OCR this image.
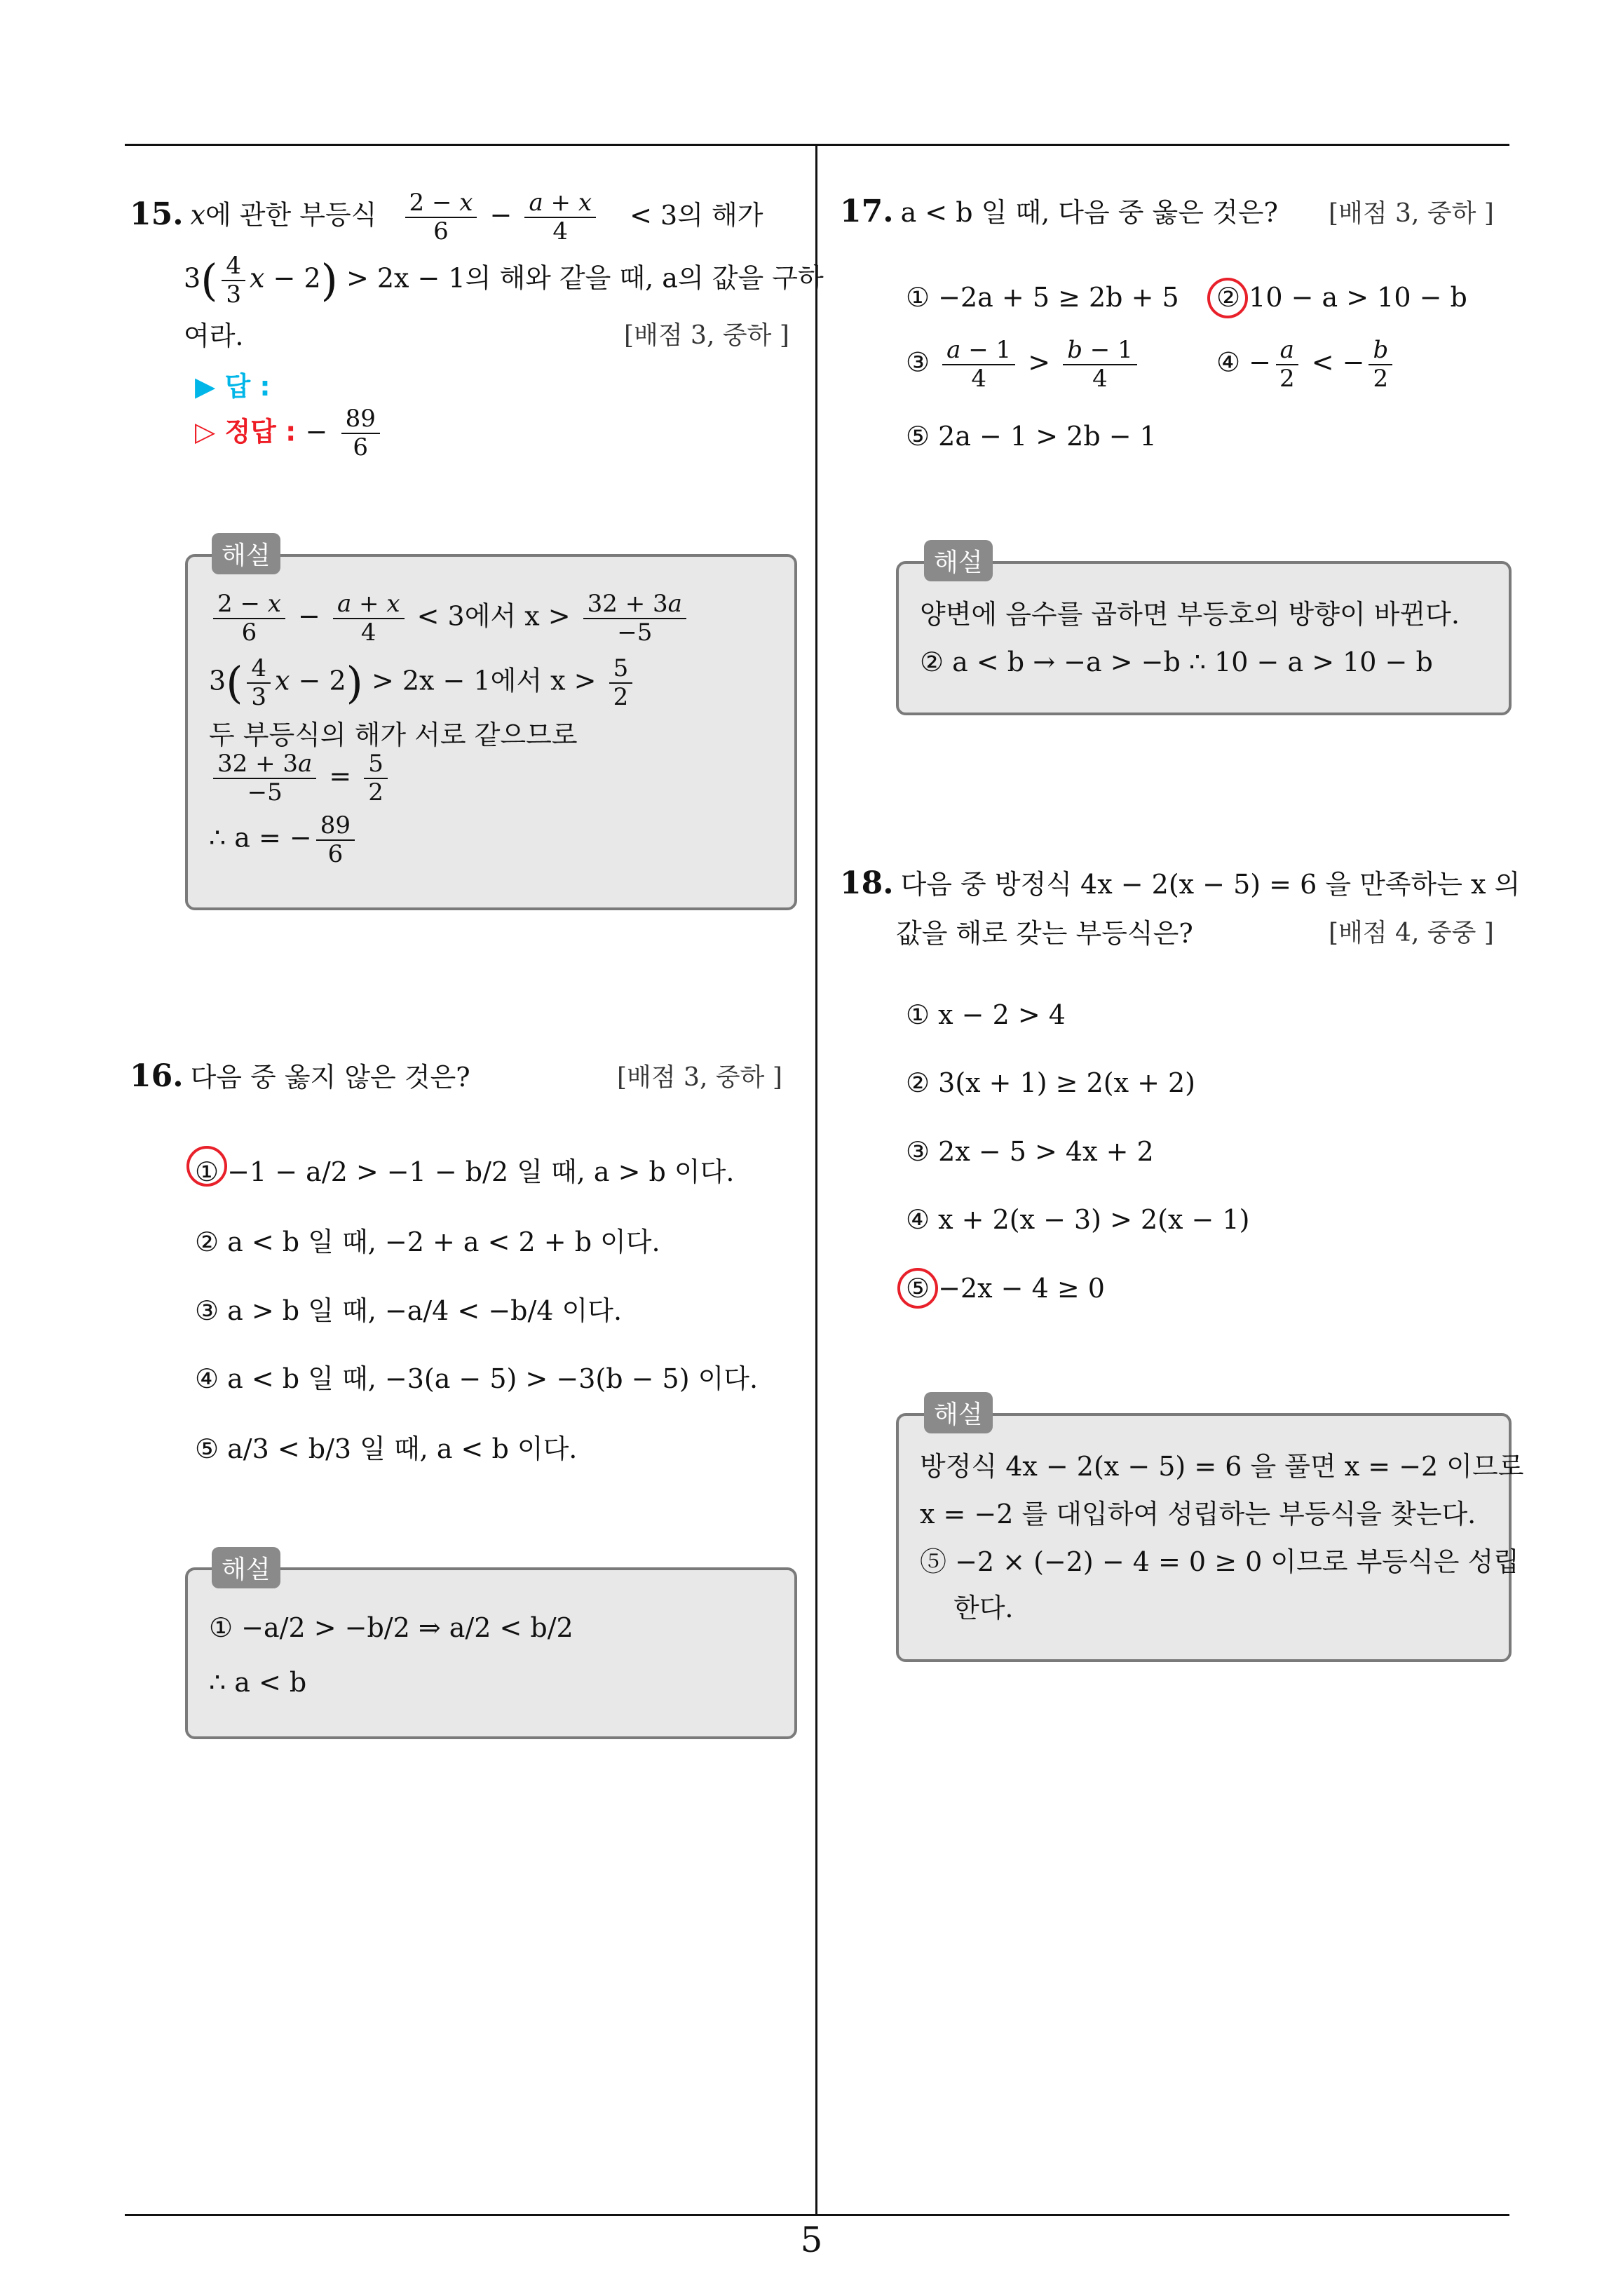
5
15. x에 관한 부등식 $\frac{2 - x}{6} - \frac{a + x}{4} < 3$의 해가
$3( \frac{4}{3}$ x − 2) > 2x − 1의 해와 같을 때, a의 값을 구하
여라.	[배점 3, 중하 ]
▶ 답 :
▷ 정답 : − $\frac{89}{6}$
$\frac{2 - x}{6} - \frac{a + x}{4} < 3$에서 $x > \frac{32 + 3a}{-5}$
$3( \frac{4}{3}$ x − 2) > 2x − 1에서 $x > \frac{5}{2}$
두 부등식의 해가 서로 같으므로
$\frac{32 + 3a}{-5} = \frac{5}{2}$
∴ a = − $\frac{89}{6}$
해설
16. 다음 중 옳지 않은 것은?	[배점 3, 중하 ]
① −1 − a/2 > −1 − b/2 일 때, a > b 이다.
② a < b 일 때, −2 + a < 2 + b 이다.
③ a > b 일 때, −a/4 < −b/4 이다.
④ a < b 일 때, −3(a − 5) > −3(b − 5) 이다.
⑤ a/3 < b/3 일 때, a < b 이다.
① −a/2 > −b/2 ⇒ a/2 < b/2
∴ a < b
해설
17. a < b 일 때, 다음 중 옳은 것은? [배점 3, 중하 ]
① −2a + 5 ≥ 2b + 5 ② 10 − a > 10 − b
③ $\frac{a - 1}{4} > \frac{b - 1}{4}$	④ − $\frac{a}{2}$ < − $\frac{b}{2}$
⑤ 2a − 1 > 2b − 1
양변에 음수를 곱하면 부등호의 방향이 바뀐다.
② a < b → −a > −b ∴ 10 − a > 10 − b
해설
18. 다음 중 방정식 4x − 2(x − 5) = 6 을 만족하는 x 의
값을 해로 갖는 부등식은?	[배점 4, 중중 ]
① x − 2 > 4
② 3(x + 1) ≥ 2(x + 2)
③ 2x − 5 > 4x + 2
④ x + 2(x − 3) > 2(x − 1)
⑤ −2x − 4 ≥ 0
방정식 4x − 2(x − 5) = 6 을 풀면 x = −2 이므로
x = −2 를 대입하여 성립하는 부등식을 찾는다.
⑤ −2 × (−2) − 4 = 0 ≥ 0 이므로 부등식은 성립
한다.
해설
